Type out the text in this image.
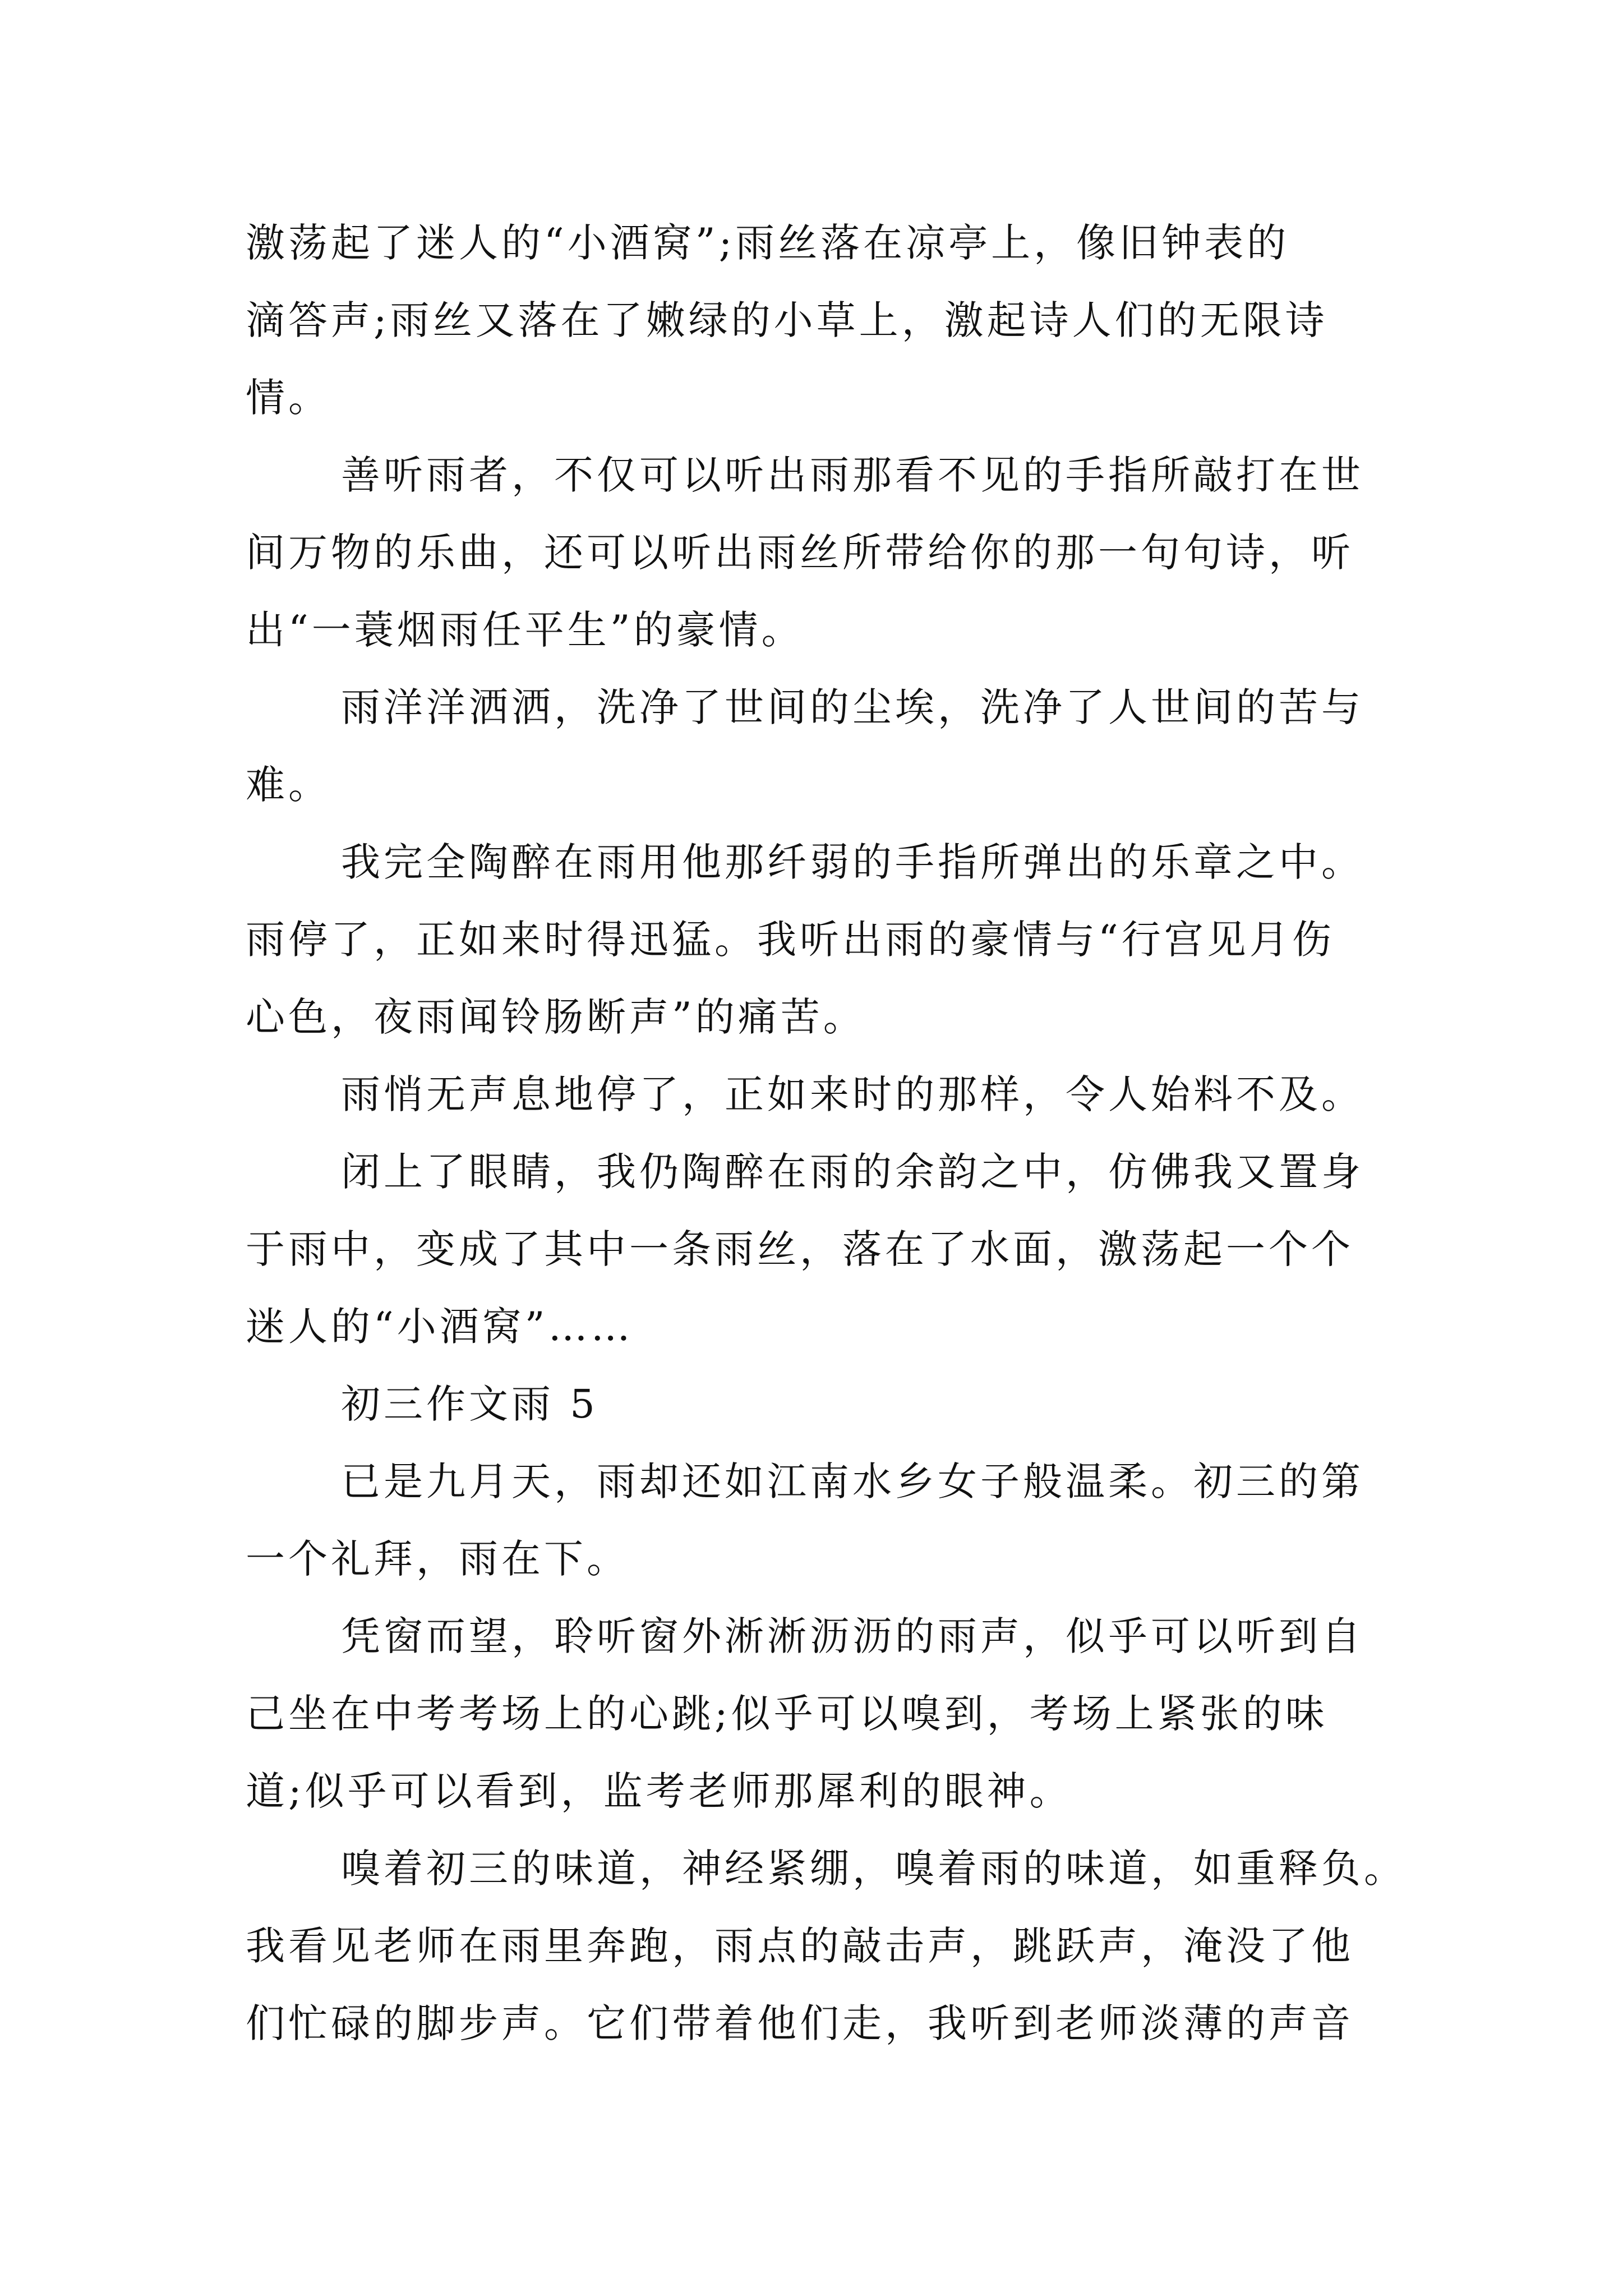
激荡起了迷人的“小酒窝”;雨丝落在凉亭上，像旧钟表的
滴答声;雨丝又落在了嫩绿的小草上，激起诗人们的无限诗
情。
善听雨者，不仅可以听出雨那看不见的手指所敲打在世
间万物的乐曲，还可以听出雨丝所带给你的那一句句诗，听
出“一蓑烟雨任平生”的豪情。
雨洋洋洒洒，洗净了世间的尘埃，洗净了人世间的苦与
难。
我完全陶醉在雨用他那纤弱的手指所弹出的乐章之中。
雨停了，正如来时得迅猛。我听出雨的豪情与“行宫见月伤
心色，夜雨闻铃肠断声”的痛苦。
雨悄无声息地停了，正如来时的那样，令人始料不及。
闭上了眼睛，我仍陶醉在雨的余韵之中，仿佛我又置身
于雨中，变成了其中一条雨丝，落在了水面，激荡起一个个
迷人的“小酒窝”……
初三作文雨 5
已是九月天，雨却还如江南水乡女子般温柔。初三的第
一个礼拜，雨在下。
凭窗而望，聆听窗外淅淅沥沥的雨声，似乎可以听到自
己坐在中考考场上的心跳;似乎可以嗅到，考场上紧张的味
道;似乎可以看到，监考老师那犀利的眼神。
嗅着初三的味道，神经紧绷，嗅着雨的味道，如重释负。
我看见老师在雨里奔跑，雨点的敲击声，跳跃声，淹没了他
们忙碌的脚步声。它们带着他们走，我听到老师淡薄的声音
